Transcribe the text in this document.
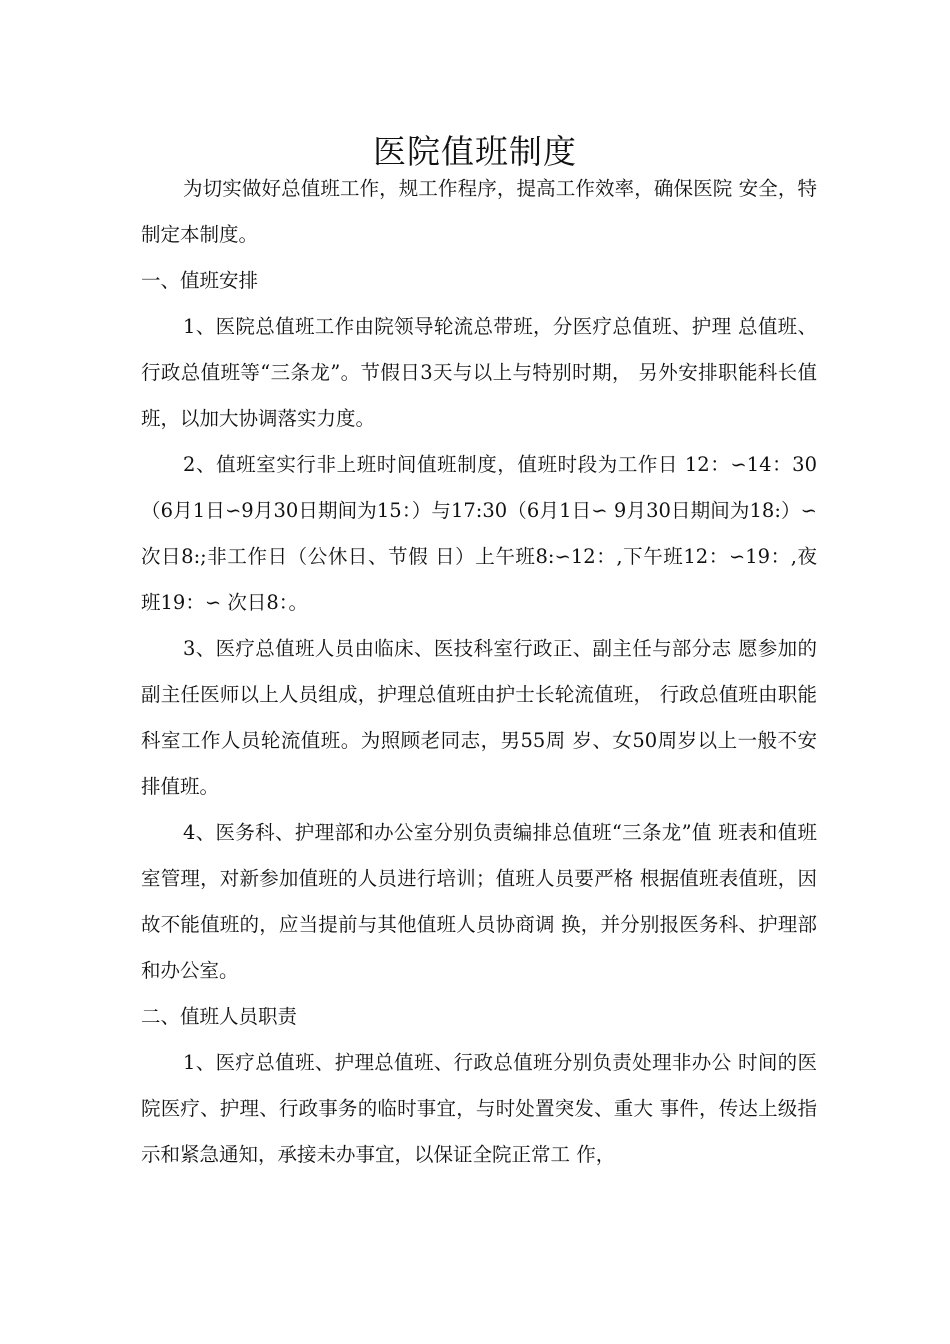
医院值班制度

为切实做好总值班工作，规工作程序，提高工作效率，确保医院 安全，特制定本制度。

一、值班安排

1、医院总值班工作由院领导轮流总带班，分医疗总值班、护理 总值班、行政总值班等“三条龙”。节假日3天与以上与特别时期， 另外安排职能科长值班，以加大协调落实力度。

2、值班室实行非上班时间值班制度，值班时段为工作日 12：∽14：30（6月1日∽9月30日期间为15：）与17:30（6月1日∽ 9月30日期间为18:）∽次日8:;非工作日（公休日、节假 日）上午班8:∽12：,下午班12：∽19：,夜班19：∽ 次日8：。

3、医疗总值班人员由临床、医技科室行政正、副主任与部分志 愿参加的副主任医师以上人员组成，护理总值班由护士长轮流值班， 行政总值班由职能科室工作人员轮流值班。为照顾老同志，男55周 岁、女50周岁以上一般不安排值班。

4、医务科、护理部和办公室分别负责编排总值班“三条龙”值 班表和值班室管理，对新参加值班的人员进行培训；值班人员要严格 根据值班表值班，因故不能值班的，应当提前与其他值班人员协商调 换，并分别报医务科、护理部和办公室。

二、值班人员职责

1、医疗总值班、护理总值班、行政总值班分别负责处理非办公 时间的医院医疗、护理、行政事务的临时事宜，与时处置突发、重大 事件，传达上级指示和紧急通知，承接未办事宜，以保证全院正常工 作，
